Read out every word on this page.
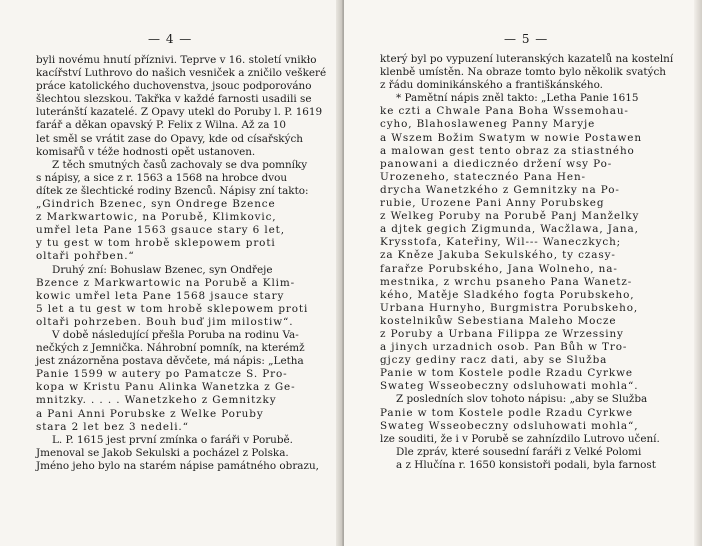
— 4 —
byli novému hnutí příznivi. Teprve v 16. století vnikło
kacířství Luthrovo do našich vesniček a zničilo veškeré
práce katolického duchovenstva, jsouc podporováno
šlechtou slezskou. Takřka v každé farnosti usadili se
luteránští kazatelé. Z Opavy utekl do Poruby l. P. 1619
farář a děkan opavský P. Felix z Wilna. Až za 10
let směl se vrátit zase do Opavy, kde od císařských
komisařů v téže hodnosti opět ustanoven.
Z těch smutných časů zachovaly se dva pomníky
s nápisy, a sice z r. 1563 a 1568 na hrobce dvou
dítek ze šlechtické rodiny Bzenců. Nápisy zní takto:
„Gindrich Bzenec, syn Ondrege Bzence
z Markwartowic, na Porubě, Klimkovic,
umřel leta Pane 1563 gsauce stary 6 let,
y tu gest w tom hrobě sklepowem proti
oltaři pohřben.“
Druhý zní: Bohuslaw Bzenec, syn Ondřeje
Bzence z Markwartowic na Porubě a Klim-
kowic umřel leta Pane 1568 jsauce stary
5 let a tu gest w tom hrobě sklepowem proti
oltaři pohrzeben. Bouh buď jim milostiw“.
V době následující přešla Poruba na rodinu Va-
nečkých z Jemnička. Náhrobní pomník, na kterémž
jest znázorněna postava děvčete, má nápis: „Letha
Panie 1599 w autery po Pamatcze S. Pro-
kopa w Kristu Panu Alinka Wanetzka z Ge-
mnitzky. . . . . Wanetzkeho z Gemnitzky
a Pani Anni Porubske z Welke Poruby
stara 2 let bez 3 nedeli.“
L. P. 1615 jest první zmínka o faráři v Porubě.
Jmenoval se Jakob Sekulski a pocházel z Polska.
Jméno jeho bylo na starém nápise památného obrazu,
— 5 —
který byl po vypuzení luteranských kazatelů na kostelní
klenbě umístěn. Na obraze tomto bylo několik svatých
z řádu dominikánského a františkánského.
* Pamětní nápis zněl takto: „Letha Panie 1615
ke czti a Chwale Pana Boha Wssemohau-
cyho, Blahoslaweneg Panny Maryje
a Wszem Božim Swatym w nowie Postawen
a malowan gest tento obraz za stiastného
panowani a diedicznéo držení wsy Po-
Urozeneho, statecznéo Pana Hen-
drycha Wanetzkého z Gemnitzky na Po-
rubie, Urozene Pani Anny Porubskeg
z Welkeg Poruby na Porubě Panj Manželky
a djtek gegich Zigmunda, Wacžlawa, Jana,
Krysstofa, Kateřiny, Wil--- Waneczkych;
za Kněze Jakuba Sekulského, ty czasy-
farařze Porubského, Jana Wolneho, na-
mestnika, z wrchu psaneho Pana Wanetz-
kého, Matěje Sladkého fogta Porubskeho,
Urbana Hurnyho, Burgmistra Porubskeho,
kostelnikůw Sebestiana Maleho Mocze
z Poruby a Urbana Filippa ze Wrzessiny
a jinych urzadnich osob. Pan Bůh w Tro-
gjczy gediny racz dati, aby se Služba
Panie w tom Kostele podle Rzadu Cyrkwe
Swateg Wsseobeczny odsluhowati mohla“.
Z posledních slov tohoto nápisu: „aby se Služba
Panie w tom Kostele podle Rzadu Cyrkwe
Swateg Wsseobeczny odsluhowati mohla“,
lze souditi, že i v Porubě se zahnízdilo Lutrovo učení.
Dle zpráv, které sousední faráři z Velké Polomi
a z Hlučína r. 1650 konsistoři podali, byla farnost
